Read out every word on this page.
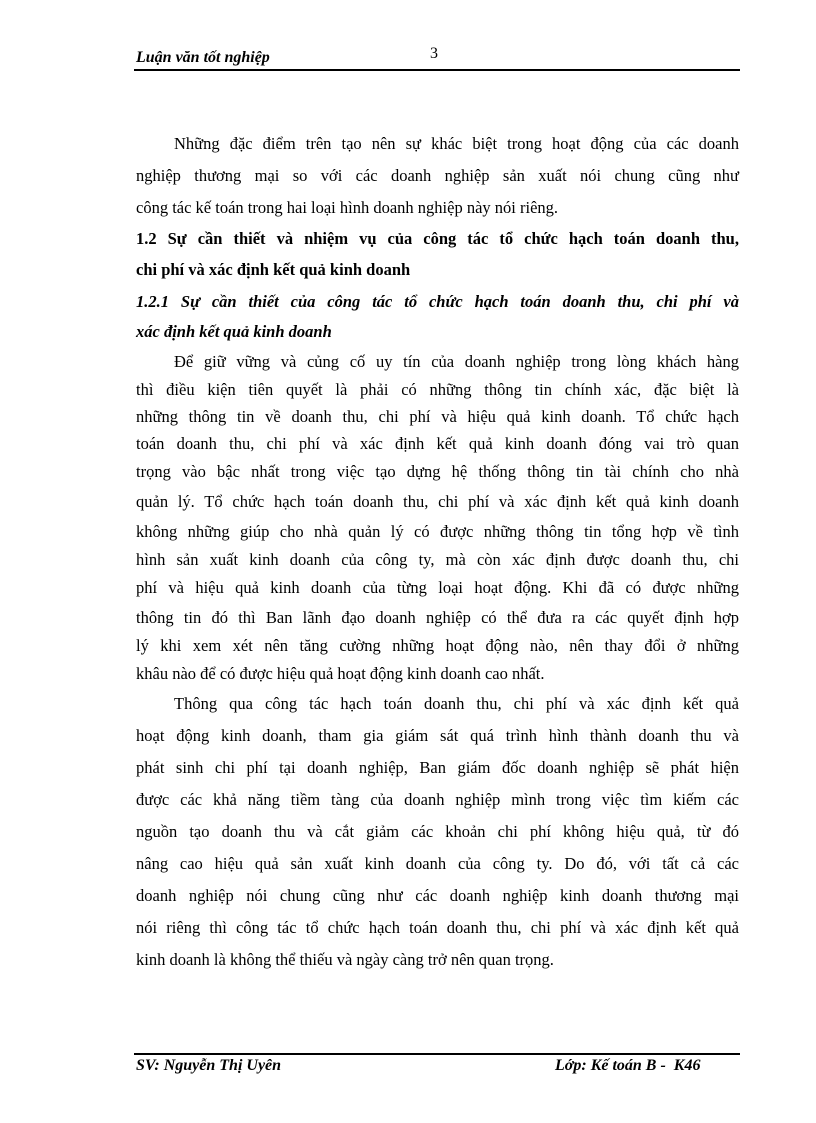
Luận văn tốt nghiệp	3
Những đặc điểm trên tạo nên sự khác biệt trong hoạt động của các doanh
nghiệp thương mại so với các doanh nghiệp sản xuất nói chung cũng như
công tác kế toán trong hai loại hình doanh nghiệp này nói riêng.
1.2 Sự cần thiết và nhiệm vụ của công tác tổ chức hạch toán doanh thu,
chi phí và xác định kết quả kinh doanh
1.2.1 Sự cần thiết của công tác tổ chức hạch toán doanh thu, chi phí và
xác định kết quả kinh doanh
Để giữ vững và củng cố uy tín của doanh nghiệp trong lòng khách hàng
thì điều kiện tiên quyết là phải có những thông tin chính xác, đặc biệt là
những thông tin về doanh thu, chi phí và hiệu quả kinh doanh. Tổ chức hạch
toán doanh thu, chi phí và xác định kết quả kinh doanh đóng vai trò quan
trọng vào bậc nhất trong việc tạo dựng hệ thống thông tin tài chính cho nhà
quản lý. Tổ chức hạch toán doanh thu, chi phí và xác định kết quả kinh doanh
không những giúp cho nhà quản lý có được những thông tin tổng hợp về tình
hình sản xuất kinh doanh của công ty, mà còn xác định được doanh thu, chi
phí và hiệu quả kinh doanh của từng loại hoạt động. Khi đã có được những
thông tin đó thì Ban lãnh đạo doanh nghiệp có thể đưa ra các quyết định hợp
lý khi xem xét nên tăng cường những hoạt động nào, nên thay đổi ở những
khâu nào để có được hiệu quả hoạt động kinh doanh cao nhất.
Thông qua công tác hạch toán doanh thu, chi phí và xác định kết quả
hoạt động kinh doanh, tham gia giám sát quá trình hình thành doanh thu và
phát sinh chi phí tại doanh nghiệp, Ban giám đốc doanh nghiệp sẽ phát hiện
được các khả năng tiềm tàng của doanh nghiệp mình trong việc tìm kiếm các
nguồn tạo doanh thu và cắt giảm các khoản chi phí không hiệu quả, từ đó
nâng cao hiệu quả sản xuất kinh doanh của công ty. Do đó, với tất cả các
doanh nghiệp nói chung cũng như các doanh nghiệp kinh doanh thương mại
nói riêng thì công tác tổ chức hạch toán doanh thu, chi phí và xác định kết quả
kinh doanh là không thể thiếu và ngày càng trở nên quan trọng.
SV: Nguyễn Thị Uyên	Lớp: Kế toán B -  K46
